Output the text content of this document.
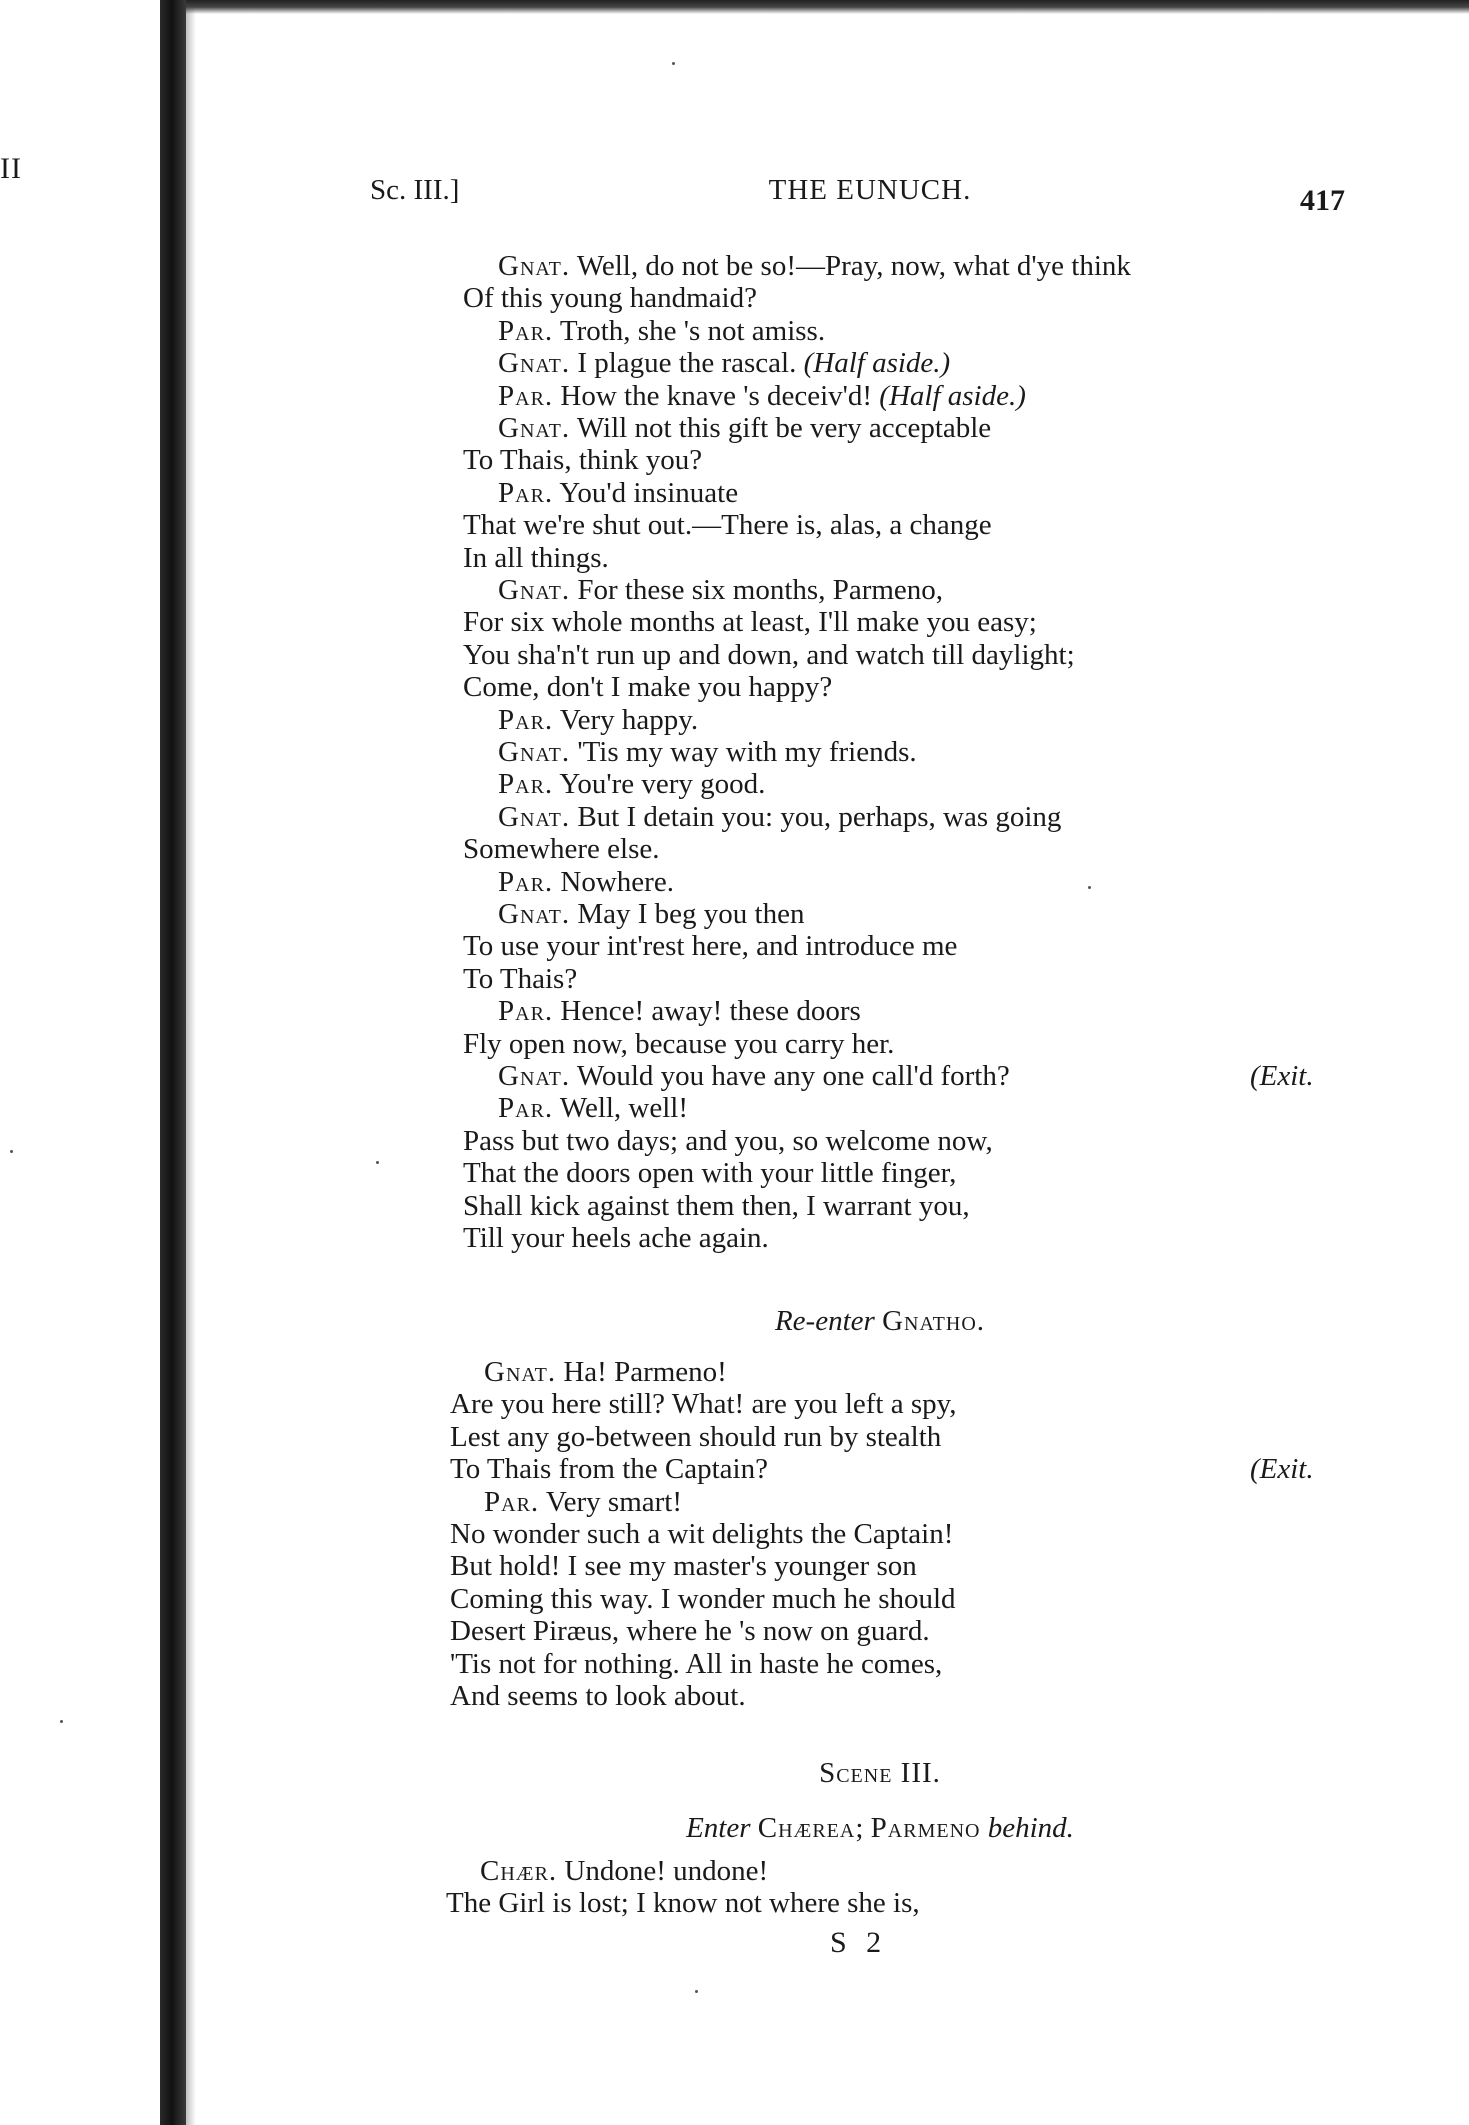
II
Sc. III.]	THE EUNUCH.	417
Gnat. Well, do not be so!—Pray, now, what d'ye think
Of this young handmaid?
Par. Troth, she 's not amiss.
Gnat. I plague the rascal. (Half aside.)
Par. How the knave 's deceiv'd! (Half aside.)
Gnat. Will not this gift be very acceptable
To Thais, think you?
Par. You'd insinuate
That we're shut out.—There is, alas, a change
In all things.
Gnat. For these six months, Parmeno,
For six whole months at least, I'll make you easy;
You sha'n't run up and down, and watch till daylight;
Come, don't I make you happy?
Par. Very happy.
Gnat. 'Tis my way with my friends.
Par. You're very good.
Gnat. But I detain you: you, perhaps, was going
Somewhere else.
Par. Nowhere.
Gnat. May I beg you then
To use your int'rest here, and introduce me
To Thais?
Par. Hence! away! these doors
Fly open now, because you carry her.
Gnat. Would you have any one call'd forth?	(Exit.
Par. Well, well!
Pass but two days; and you, so welcome now,
That the doors open with your little finger,
Shall kick against them then, I warrant you,
Till your heels ache again.
Re-enter Gnatho.
Gnat. Ha! Parmeno!
Are you here still? What! are you left a spy,
Lest any go-between should run by stealth
To Thais from the Captain?	(Exit.
Par. Very smart!
No wonder such a wit delights the Captain!
But hold! I see my master's younger son
Coming this way. I wonder much he should
Desert Piræus, where he 's now on guard.
'Tis not for nothing. All in haste he comes,
And seems to look about.
Scene III.
Enter Chærea; Parmeno behind.
Chær. Undone! undone!
The Girl is lost; I know not where she is,
S 2
